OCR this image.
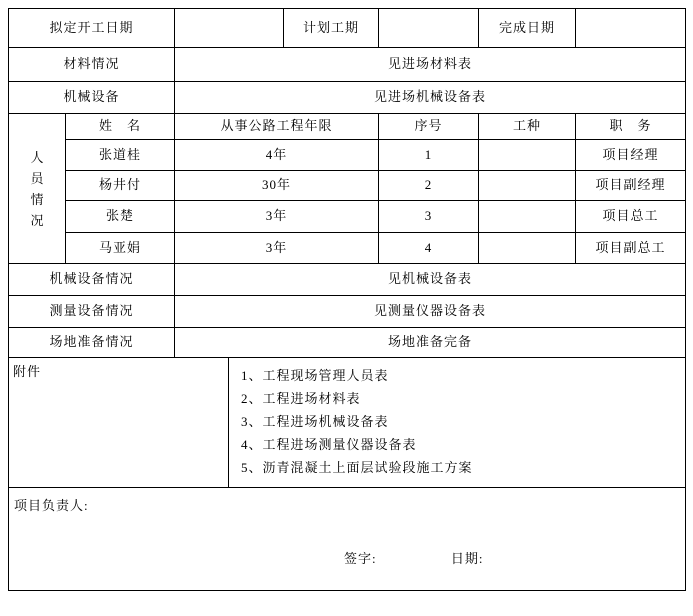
拟定开工日期				计划工期		完成日期	
材料情况		见进场材料表					
机械设备		见进场机械设备表					

人员情况	姓　名	从事公路工程年限			序号	工种	职　务
	张道桂	4年			1		项目经理
	杨井付	30年			2		项目副经理
	张楚	3年			3		项目总工
	马亚娟	3年			4		项目副总工
机械设备情况		见机械设备表					
测量设备情况		见测量仪器设备表					
场地准备情况		场地准备完备					
附件			1、工程现场管理人员表
2、工程进场材料表
3、工程进场机械设备表
4、工程进场测量仪器设备表
5、沥青混凝土上面层试验段施工方案				

项目负责人:
签字: 日期:							
